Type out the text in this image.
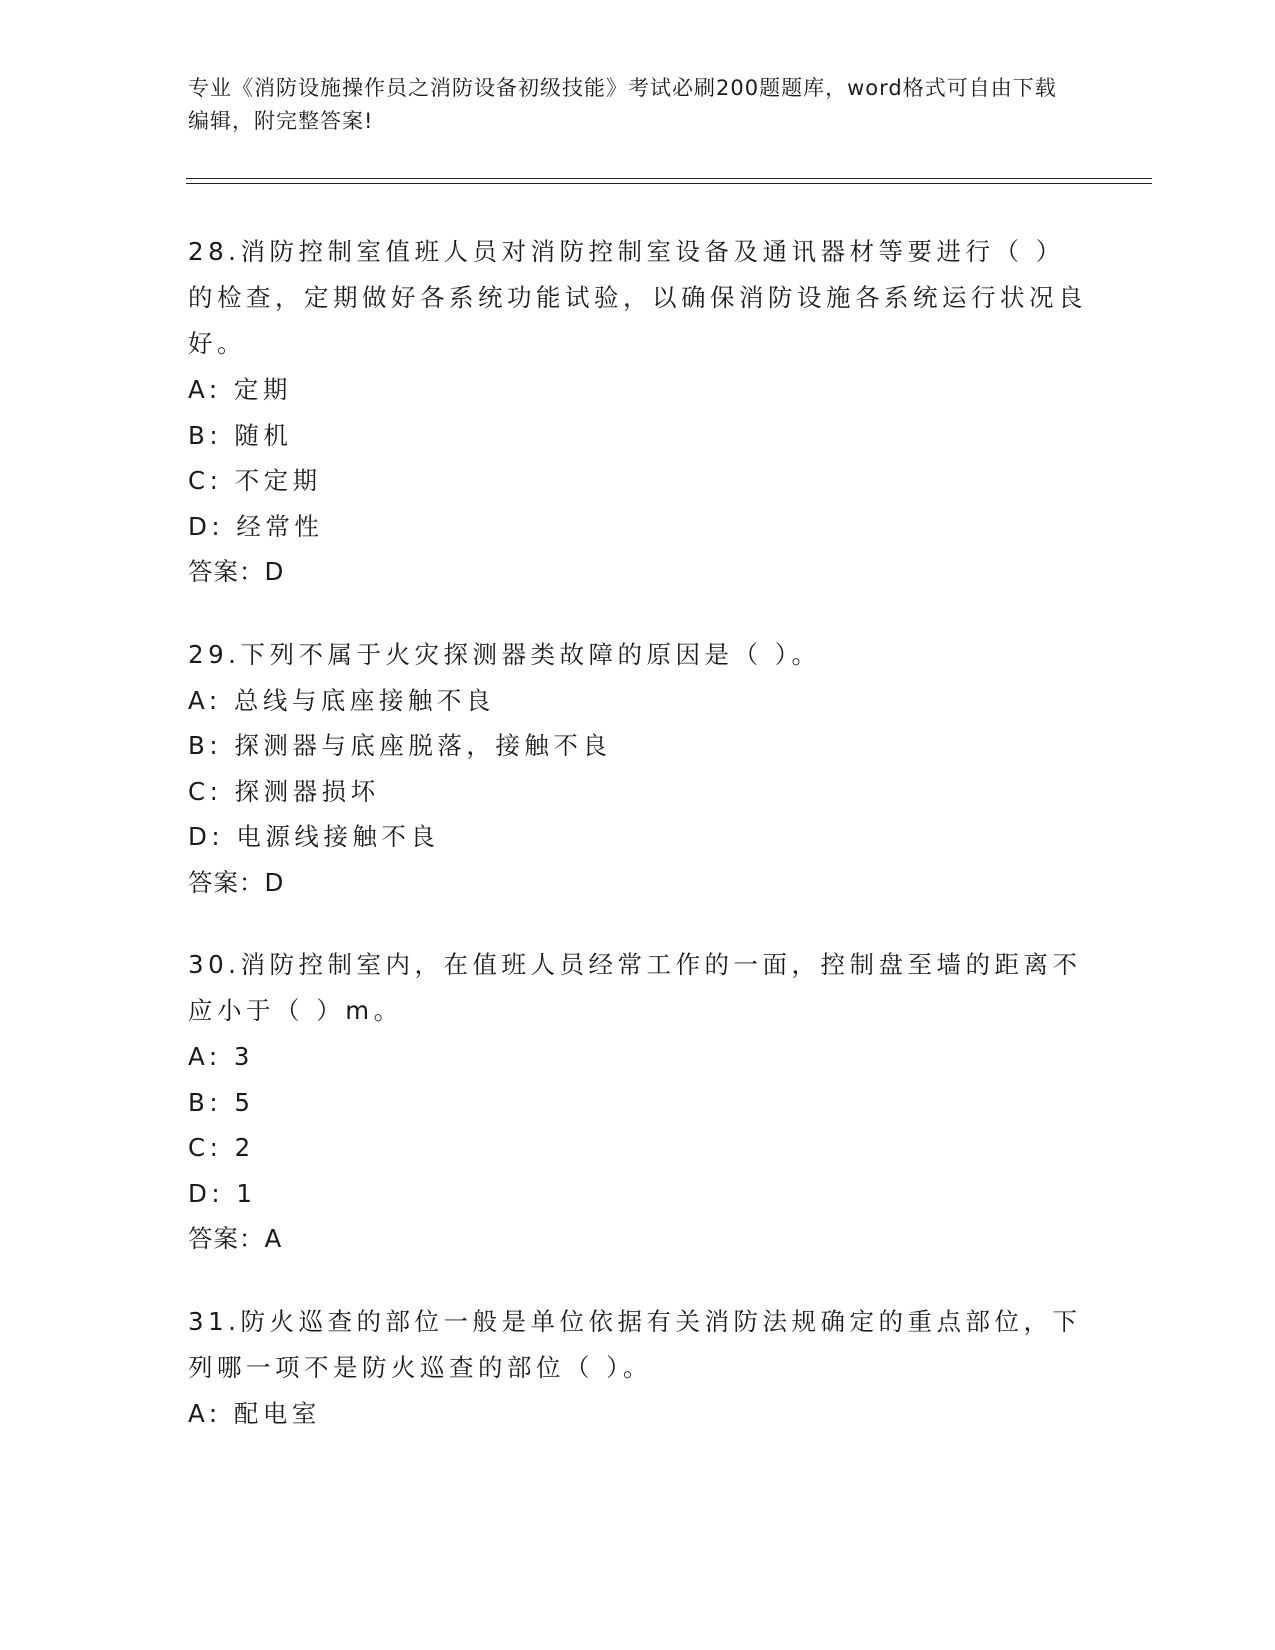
专业《消防设施操作员之消防设备初级技能》考试必刷200题题库，word格式可自由下载编辑，附完整答案!

28.消防控制室值班人员对消防控制室设备及通讯器材等要进行（ ）的检查，定期做好各系统功能试验，以确保消防设施各系统运行状况良好。

A: 定期

B: 随机

C: 不定期

D: 经常性

答案：D

29.下列不属于火灾探测器类故障的原因是（ ）。

A: 总线与底座接触不良

B: 探测器与底座脱落，接触不良

C: 探测器损坏

D: 电源线接触不良

答案：D

30.消防控制室内，在值班人员经常工作的一面，控制盘至墙的距离不应小于（ ）m。

A: 3

B: 5

C: 2

D: 1

答案：A

31.防火巡查的部位一般是单位依据有关消防法规确定的重点部位，下列哪一项不是防火巡查的部位（ ）。

A: 配电室
